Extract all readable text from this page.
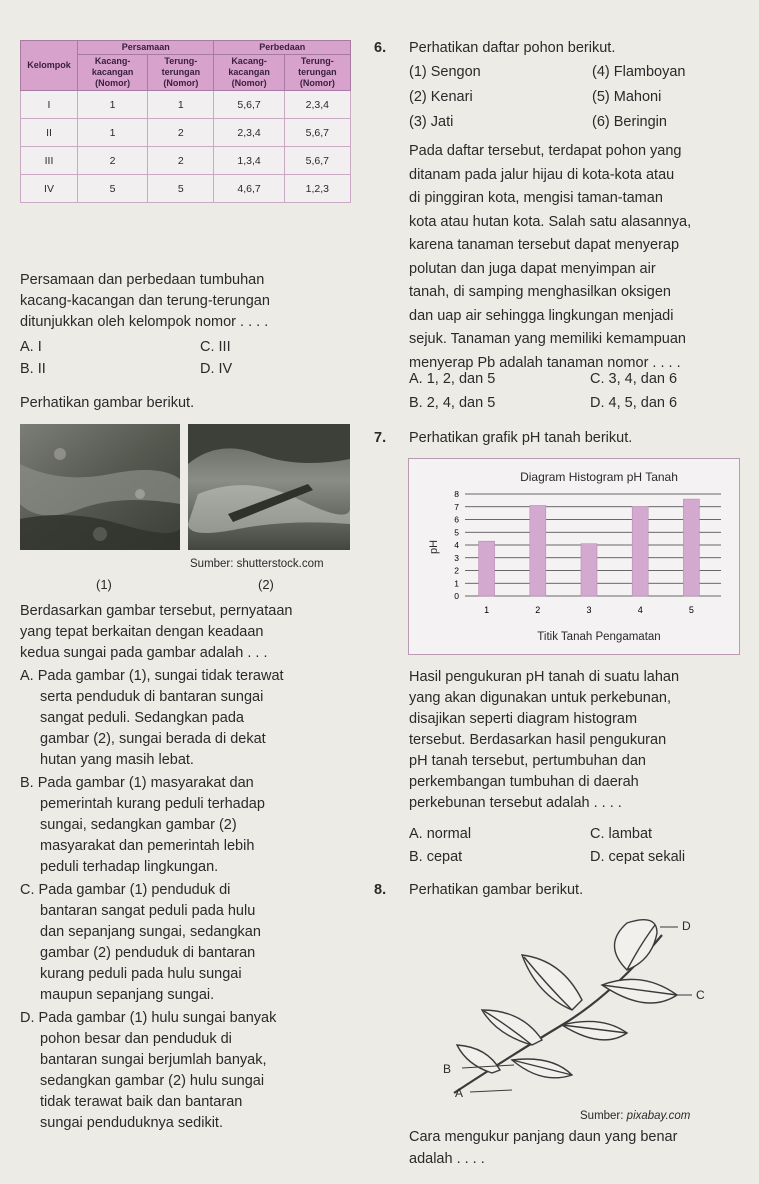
Kelompok	Persamaan		Perbedaan	
	Kacang-kacangan (Nomor)	Terung-terungan (Nomor)	Kacang-kacangan (Nomor)	Terung-terungan (Nomor)
I	1	1	5,6,7	2,3,4
II	1	2	2,3,4	5,6,7
III	2	2	1,3,4	5,6,7
IV	5	5	4,6,7	1,2,3
Persamaan dan perbedaan tumbuhan
kacang-kacangan dan terung-terungan
ditunjukkan oleh kelompok nomor . . . .
A. I	C. III
B. II	D. IV
Perhatikan gambar berikut.
Sumber: shutterstock.com
(1)	(2)
Berdasarkan gambar tersebut, pernyataan
yang tepat berkaitan dengan keadaan
kedua sungai pada gambar adalah . . .
A. Pada gambar (1), sungai tidak terawat
serta penduduk di bantaran sungai
sangat peduli. Sedangkan pada
gambar (2), sungai berada di dekat
hutan yang masih lebat.
B. Pada gambar (1) masyarakat dan
pemerintah kurang peduli terhadap
sungai, sedangkan gambar (2)
masyarakat dan pemerintah lebih
peduli terhadap lingkungan.
C. Pada gambar (1) penduduk di
bantaran sangat peduli pada hulu
dan sepanjang sungai, sedangkan
gambar (2) penduduk di bantaran
kurang peduli pada hulu sungai
maupun sepanjang sungai.
D. Pada gambar (1) hulu sungai banyak
pohon besar dan penduduk di
bantaran sungai berjumlah banyak,
sedangkan gambar (2) hulu sungai
tidak terawat baik dan bantaran
sungai penduduknya sedikit.
6. Perhatikan daftar pohon berikut.
(1) Sengon	(4) Flamboyan
(2) Kenari	(5) Mahoni
(3) Jati	(6) Beringin
Pada daftar tersebut, terdapat pohon yang
ditanam pada jalur hijau di kota-kota atau
di pinggiran kota, mengisi taman-taman
kota atau hutan kota. Salah satu alasannya,
karena tanaman tersebut dapat menyerap
polutan dan juga dapat menyimpan air
tanah, di samping menghasilkan oksigen
dan uap air sehingga lingkungan menjadi
sejuk. Tanaman yang memiliki kemampuan
menyerap Pb adalah tanaman nomor . . . .
A. 1, 2, dan 5	C. 3, 4, dan 6
B. 2, 4, dan 5	D. 4, 5, dan 6
7. Perhatikan grafik pH tanah berikut.
Diagram Histogram pH Tanah
Titik Tanah Pengamatan
pH
0
1
2
3
4
5
6
7
8
1	2	3	4	5
Hasil pengukuran pH tanah di suatu lahan
yang akan digunakan untuk perkebunan,
disajikan seperti diagram histogram
tersebut. Berdasarkan hasil pengukuran
pH tanah tersebut, pertumbuhan dan
perkembangan tumbuhan di daerah
perkebunan tersebut adalah . . . .
A. normal	C. lambat
B. cepat	D. cepat sekali
8. Perhatikan gambar berikut.
D
C
B
A
Sumber: pixabay.com
Cara mengukur panjang daun yang benar
adalah . . . .
